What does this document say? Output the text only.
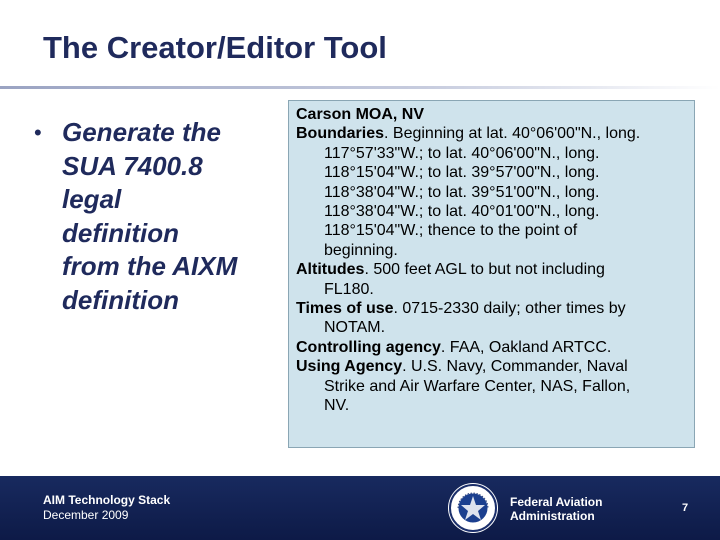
The Creator/Editor Tool
• Generate the
SUA 7400.8
legal
definition
from the AIXM
definition
Carson MOA, NV
Boundaries. Beginning at lat. 40°06'00"N., long.
117°57'33"W.; to lat. 40°06'00"N., long.
118°15'04"W.; to lat. 39°57'00"N., long.
118°38'04"W.; to lat. 39°51'00"N., long.
118°38'04"W.; to lat. 40°01'00"N., long.
118°15'04"W.; thence to the point of
beginning.
Altitudes. 500 feet AGL to but not including
FL180.
Times of use. 0715-2330 daily; other times by
NOTAM.
Controlling agency. FAA, Oakland ARTCC.
Using Agency. U.S. Navy, Commander, Naval
Strike and Air Warfare Center, NAS, Fallon,
NV.
AIM Technology Stack
December 2009
Federal Aviation
Administration
7
